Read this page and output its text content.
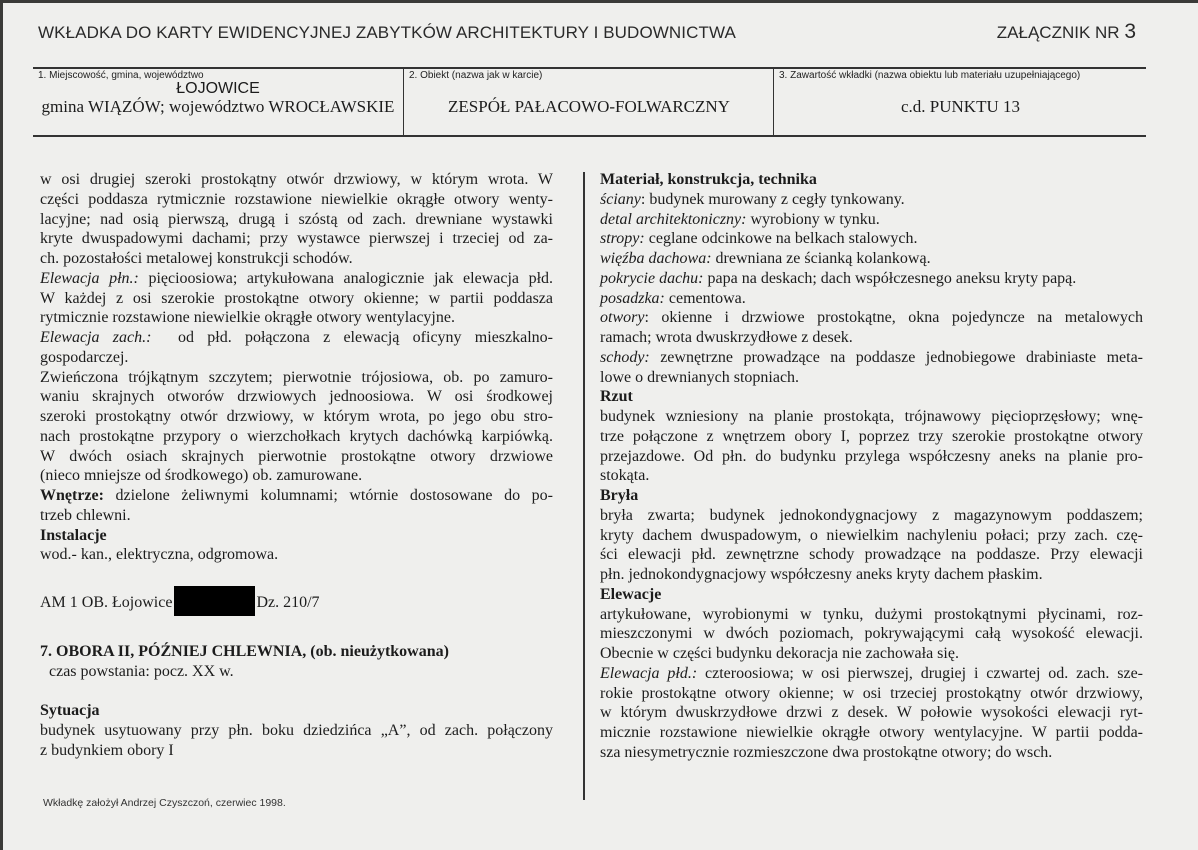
WKŁADKA DO KARTY EWIDENCYJNEJ ZABYTKÓW ARCHITEKTURY I BUDOWNICTWA	ZAŁĄCZNIK NR 3
1. Miejscowość, gmina, województwo
ŁOJOWICE
gmina WIĄZÓW; województwo WROCŁAWSKIE
2. Obiekt (nazwa jak w karcie)
ZESPÓŁ PAŁACOWO-FOLWARCZNY
3. Zawartość wkładki (nazwa obiektu lub materiału uzupełniającego)
c.d. PUNKTU 13
w osi drugiej szeroki prostokątny otwór drzwiowy, w którym wrota. W
części poddasza rytmicznie rozstawione niewielkie okrągłe otwory wenty-
lacyjne; nad osią pierwszą, drugą i szóstą od zach. drewniane wystawki
kryte dwuspadowymi dachami; przy wystawce pierwszej i trzeciej od za-
ch. pozostałości metalowej konstrukcji schodów.
Elewacja płn.: pięcioosiowa; artykułowana analogicznie jak elewacja płd.
W każdej z osi szerokie prostokątne otwory okienne; w partii poddasza
rytmicznie rozstawione niewielkie okrągłe otwory wentylacyjne.
Elewacja zach.:  od płd. połączona z elewacją oficyny mieszkalno-
gospodarczej.
Zwieńczona trójkątnym szczytem; pierwotnie trójosiowa, ob. po zamuro-
waniu skrajnych otworów drzwiowych jednoosiowa. W osi środkowej
szeroki prostokątny otwór drzwiowy, w którym wrota, po jego obu stro-
nach prostokątne przypory o wierzchołkach krytych dachówką karpiówką.
W dwóch osiach skrajnych pierwotnie prostokątne otwory drzwiowe
(nieco mniejsze od środkowego) ob. zamurowane.
Wnętrze: dzielone żeliwnymi kolumnami; wtórnie dostosowane do po-
trzeb chlewni.
Instalacje
wod.- kan., elektryczna, odgromowa.
Materiał, konstrukcja, technika
ściany: budynek murowany z cegły tynkowany.
detal architektoniczny: wyrobiony w tynku.
stropy: ceglane odcinkowe na belkach stalowych.
więźba dachowa: drewniana ze ścianką kolankową.
pokrycie dachu: papa na deskach; dach współczesnego aneksu kryty papą.
posadzka: cementowa.
otwory: okienne i drzwiowe prostokątne, okna pojedyncze na metalowych
ramach; wrota dwuskrzydłowe z desek.
schody: zewnętrzne prowadzące na poddasze jednobiegowe drabiniaste meta-
lowe o drewnianych stopniach.
Rzut
budynek wzniesiony na planie prostokąta, trójnawowy pięcioprzęsłowy; wnę-
trze połączone z wnętrzem obory I, poprzez trzy szerokie prostokątne otwory
przejazdowe. Od płn. do budynku przylega współczesny aneks na planie pro-
stokąta.
Bryła
bryła zwarta; budynek jednokondygnacjowy z magazynowym poddaszem;
kryty dachem dwuspadowym, o niewielkim nachyleniu połaci; przy zach. czę-
ści elewacji płd. zewnętrzne schody prowadzące na poddasze. Przy elewacji
płn. jednokondygnacjowy współczesny aneks kryty dachem płaskim.
Elewacje
artykułowane, wyrobionymi w tynku, dużymi prostokątnymi płycinami, roz-
mieszczonymi w dwóch poziomach, pokrywającymi całą wysokość elewacji.
Obecnie w części budynku dekoracja nie zachowała się.
Elewacja płd.: czteroosiowa; w osi pierwszej, drugiej i czwartej od. zach. sze-
rokie prostokątne otwory okienne; w osi trzeciej prostokątny otwór drzwiowy,
w którym dwuskrzydłowe drzwi z desek. W połowie wysokości elewacji ryt-
micznie rozstawione niewielkie okrągłe otwory wentylacyjne. W partii podda-
sza niesymetrycznie rozmieszczone dwa prostokątne otwory; do wsch.
AM 1 OB. Łojowice	Dz. 210/7
7. OBORA II, PÓŹNIEJ CHLEWNIA, (ob. nieużytkowana)
czas powstania: pocz. XX w.
Sytuacja
budynek usytuowany przy płn. boku dziedzińca „A”, od zach. połączony
z budynkiem obory I
Wkładkę założył Andrzej Czyszczoń, czerwiec 1998.
